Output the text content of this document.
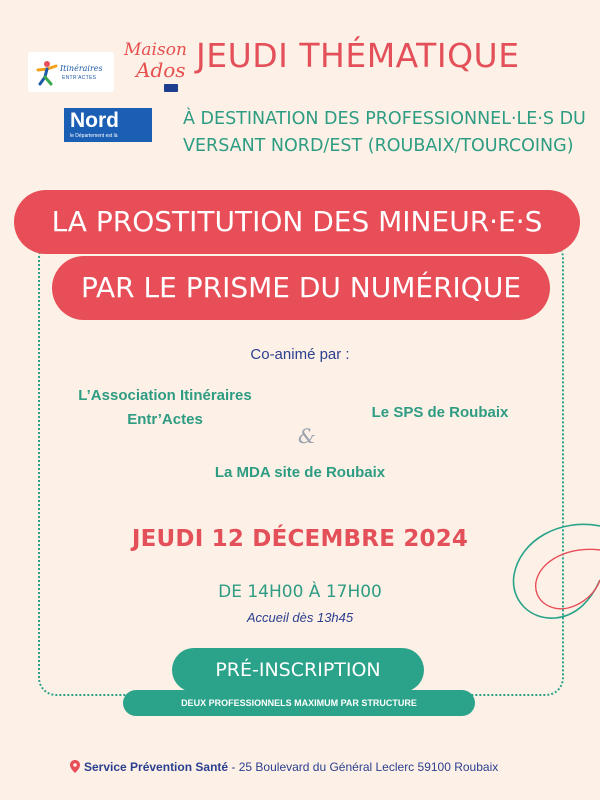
Itinéraires
ENTR'ACTES
Maison
Ados
Nord
le Département est là
JEUDI THÉMATIQUE
À DESTINATION DES PROFESSIONNEL·LE·S DU
VERSANT NORD/EST (ROUBAIX/TOURCOING)
LA PROSTITUTION DES MINEUR·E·S
PAR LE PRISME DU NUMÉRIQUE
Co-animé par :
L’Association Itinéraires
Entr’Actes
&
Le SPS de Roubaix
La MDA site de Roubaix
JEUDI 12 DÉCEMBRE 2024
DE 14H00 À 17H00
Accueil dès 13h45
PRÉ-INSCRIPTION
DEUX PROFESSIONNELS MAXIMUM PAR STRUCTURE
Service Prévention Santé - 25 Boulevard du Général Leclerc 59100 Roubaix
